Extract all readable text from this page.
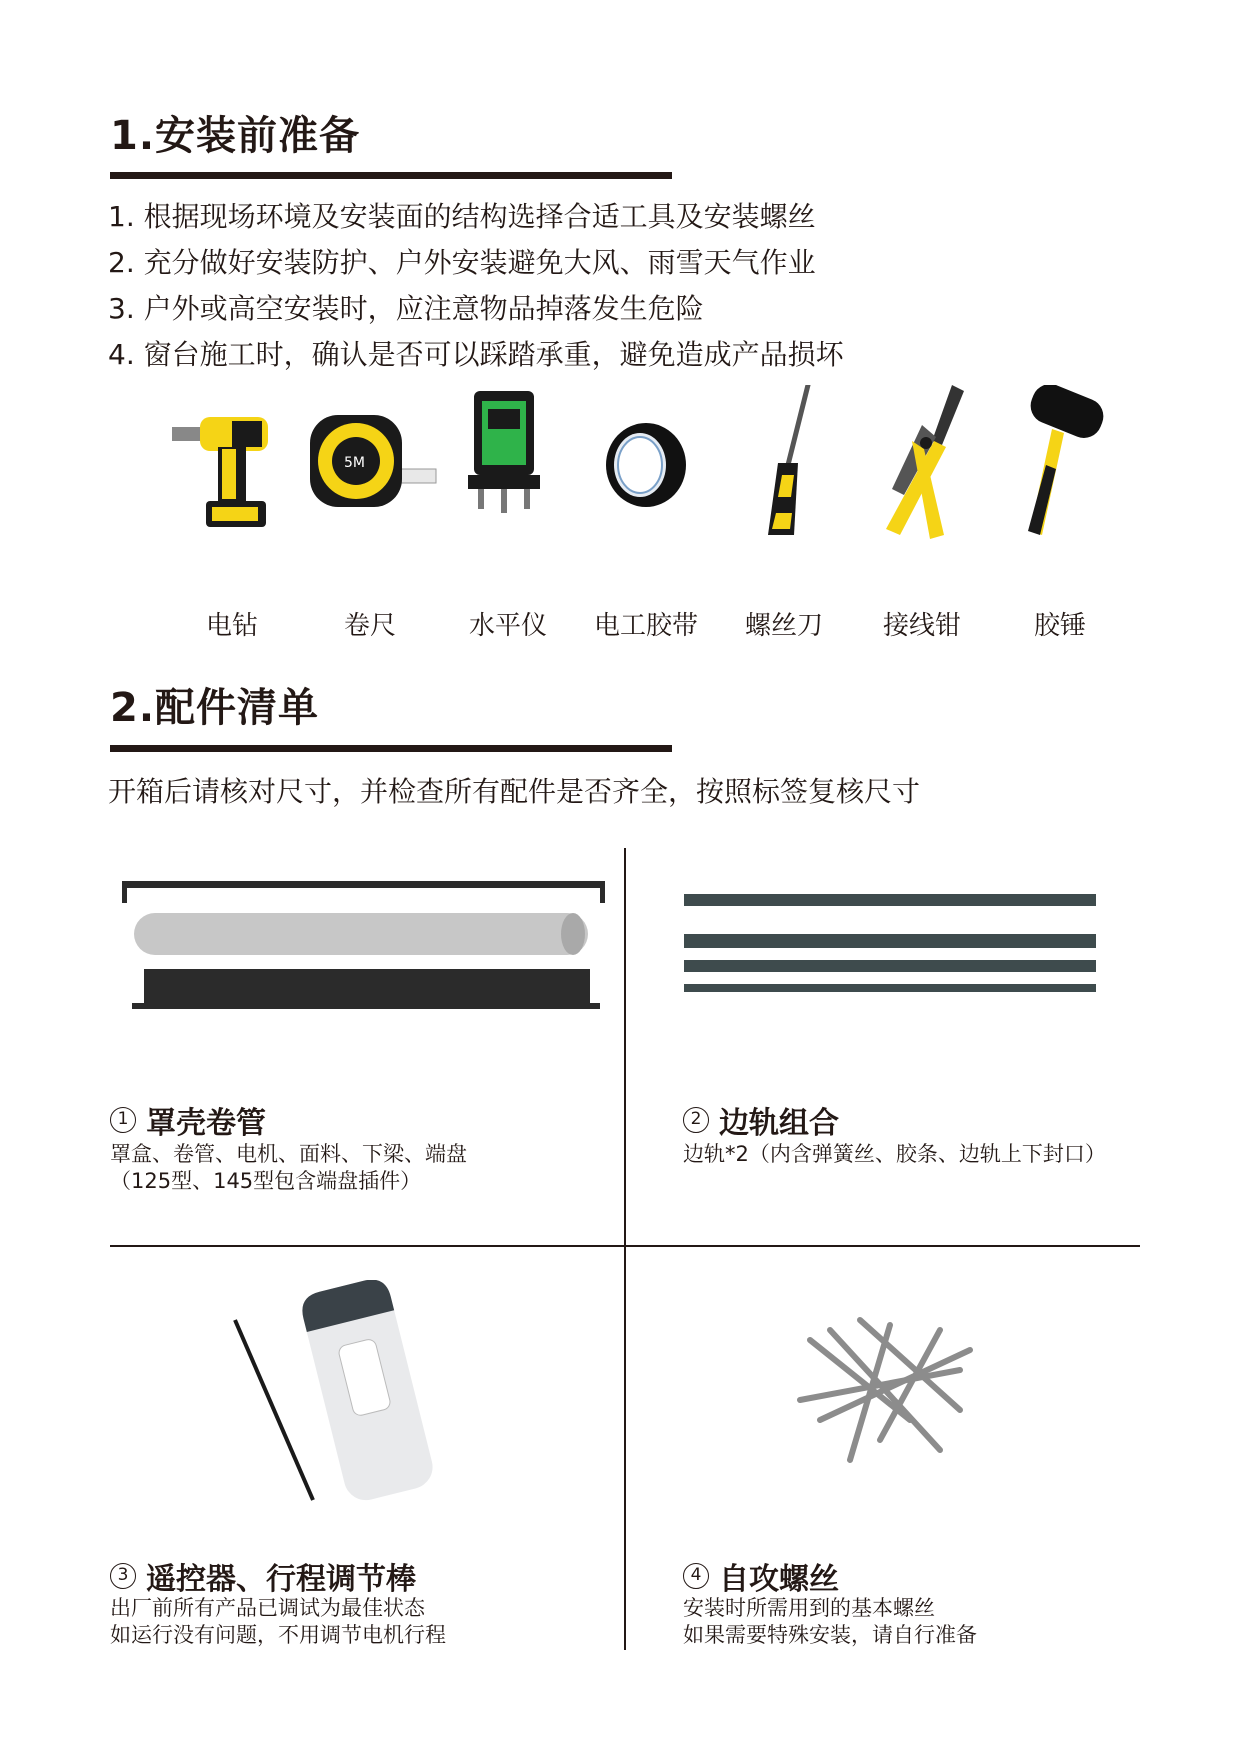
1.安装前准备
1. 根据现场环境及安装面的结构选择合适工具及安装螺丝
2. 充分做好安装防护、户外安装避免大风、雨雪天气作业
3. 户外或高空安装时，应注意物品掉落发生危险
4. 窗台施工时，确认是否可以踩踏承重，避免造成产品损坏
电钻
5M
卷尺	水平仪	电工胶带	螺丝刀	接线钳	胶锤
2.配件清单
开箱后请核对尺寸，并检查所有配件是否齐全，按照标签复核尺寸
1 罩壳卷管
罩盒、卷管、电机、面料、下梁、端盘
（125型、145型包含端盘插件）
2 边轨组合
边轨*2（内含弹簧丝、胶条、边轨上下封口）
3 遥控器、行程调节棒
出厂前所有产品已调试为最佳状态
如运行没有问题，不用调节电机行程
4 自攻螺丝
安装时所需用到的基本螺丝
如果需要特殊安装，请自行准备
